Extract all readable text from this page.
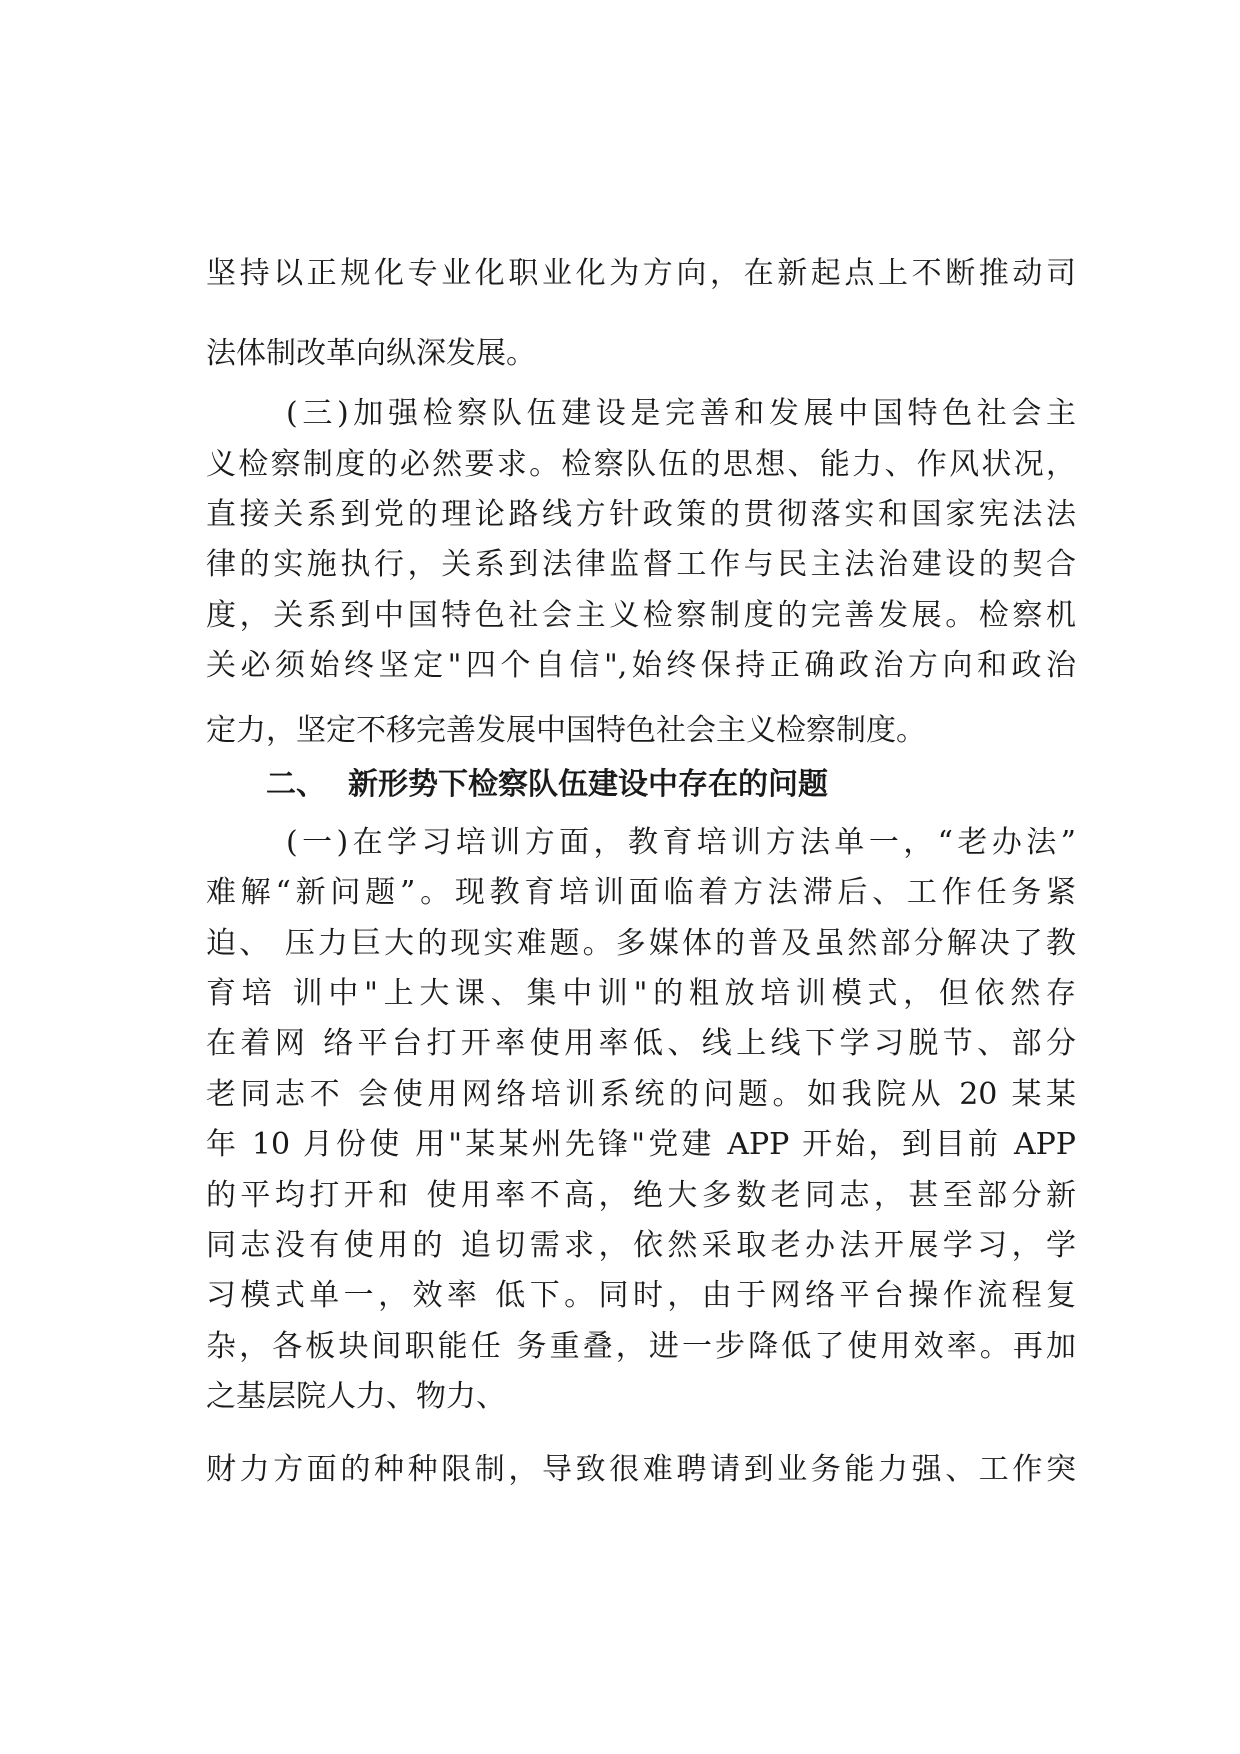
坚持以正规化专业化职业化为方向，在新起点上不断推动司
法体制改革向纵深发展。
(三)加强检察队伍建设是完善和发展中国特色社会主
义检察制度的必然要求。检察队伍的思想、能力、作风状况，
直接关系到党的理论路线方针政策的贯彻落实和国家宪法法
律的实施执行，关系到法律监督工作与民主法治建设的契合
度，关系到中国特色社会主义检察制度的完善发展。检察机
关必须始终坚定"四个自信",始终保持正确政治方向和政治
定力，坚定不移完善发展中国特色社会主义检察制度。
二、 新形势下检察队伍建设中存在的问题
(一)在学习培训方面，教育培训方法单一，“老办法”
难解“新问题”。现教育培训面临着方法滞后、工作任务紧
迫、 压力巨大的现实难题。多媒体的普及虽然部分解决了教
育培 训中"上大课、集中训"的粗放培训模式，但依然存
在着网 络平台打开率使用率低、线上线下学习脱节、部分
老同志不 会使用网络培训系统的问题。如我院从 20 某某
年 10 月份使 用"某某州先锋"党建 APP 开始，到目前 APP
的平均打开和 使用率不高，绝大多数老同志，甚至部分新
同志没有使用的 追切需求，依然采取老办法开展学习，学
习模式单一，效率 低下。同时，由于网络平台操作流程复
杂，各板块间职能任 务重叠，进一步降低了使用效率。再加
之基层院人力、物力、
财力方面的种种限制，导致很难聘请到业务能力强、工作突
